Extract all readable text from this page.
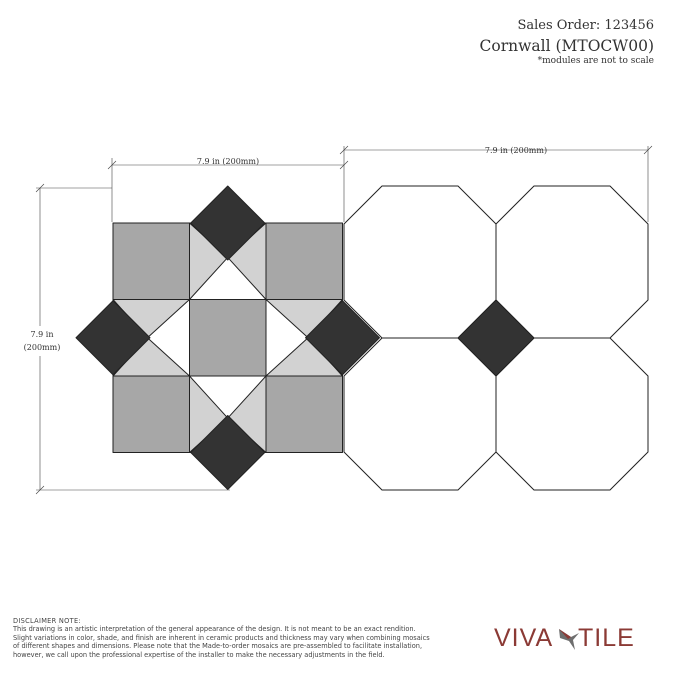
Sales Order: 123456
Cornwall (MTOCW00)
*modules are not to scale
7.9 in (200mm)
7.9 in (200mm)
7.9 in
(200mm)
DISCLAIMER NOTE:
This drawing is an artistic interpretation of the general appearance of the design. It is not meant to be an exact rendition. Slight variations in color, shade, and finish are inherent in ceramic products and thickness may vary when combining mosaics of different shapes and dimensions. Please note that the Made-to-order mosaics are pre-assembled to facilitate installation, however, we call upon the professional expertise of the installer to make the necessary adjustments in the field.
VIVA TILE
